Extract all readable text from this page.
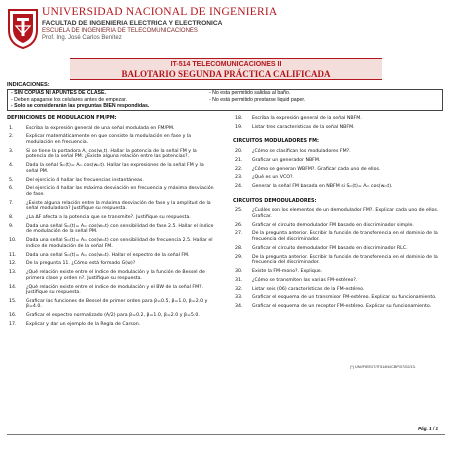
UNIVERSIDAD NACIONAL DE INGENIERIA
FACULTAD DE INGENIERIA ELECTRICA Y ELECTRONICA
ESCUELA DE INGENIERIA DE TELECOMUNICACIONES
Prof. Ing. José Carlos Benítez
IT-514 TELECOMUNICACIONES II
BALOTARIO SEGUNDA PRÁCTICA CALIFICADA
INDICACIONES:
- SIN COPIAS NI APUNTES DE CLASE.	- No esta permitido salidas al baño.
- Deben apagarse los celulares antes de empezar.	- No está permitido prestarse liquid paper.
- Solo se considerarán las preguntas BIEN respondidas.
DEFINICIONES DE MODULACION FM/PM:
1.	Escriba la expresión general de una señal modulada en FM/PM.
2.	Explicar matemáticamente en que consiste la modulación en fase y la modulación en frecuencia.
3.	Si se tiene la portadora A꜀ cos(w꜀t). Hallar la potencia de la señal FM y la potencia de la señal PM. ¿Existe alguna relación entre las potencias?.
4.	Dada la señal Sₘ(t)= Aₘ cos(wₘt). Hallar las expresiones de la señal FM y la señal PM.
5.	Del ejercicio 4 hallar las frecuencias instantáneas.
6.	Del ejercicio 4 hallar las máxima desviación en frecuencia y máxima desviación de fase.
7.	¿Existe alguna relación entre la máxima desviación de fase y la amplitud de la señal moduladora? Justifique su respuesta.
8.	¿La ΔF afecta a la potencia que se transmite?. Justifique su respuesta.
9.	Dada una señal Sₘ(t)= Aₘ cos(wₘt) con sensibilidad de fase 2.5. Hallar el índice de modulación de la señal PM.
10.	Dada una señal Sₘ(t)= Aₘ cos(wₘt) con sensibilidad de frecuencia 2.5. Hallar el índice de modulación de la señal FM.
11.	Dada una señal Sₘ(t)= Aₘ cos(wₘt). Hallar el espectro de la señal FM.
12.	De la pregunta 11. ¿Cómo está formado G(w)?
13.	¿Qué relación existe entre el índice de modulación y la función de Bessel de primera clase y orden n?. Justifique su respuesta.
14.	¿Qué relación existe entre el índice de modulación y el BW de la señal FM?. Justifique su respuesta.
15.	Graficar las funciones de Bessel de primer orden para β=0.5, β=1.0, β=2.0 y β=4.0.
16.	Graficar el espectro normalizado (A/2) para β=0.2, β=1.0, β=2.0 y β=5.0.
17.	Explicar y dar un ejemplo de la Regla de Carson.
18.	Escriba la expresión general de la señal NBFM.
19.	Listar tres características de la señal NBFM.
CIRCUITOS MODULADORES FM:
20.	¿Cómo se clasifican los moduladores FM?.
21.	Graficar un generador NBFM.
22.	¿Cómo se generan WBFM?. Graficar cada uno de ellos.
23.	¿Qué es un VCO?.
24.	Generar la señal FM basada en NBFM si Sₘ(t)= Aₘ cos(wₘt).
CIRCUITOS DEMODULADORES:
25.	¿Cuáles son los elementos de un demodulador FM?. Explicar cada uno de ellos. Graficar.
26.	Graficar el circuito demodulador FM basado en discriminador simple.
27.	De la pregunta anterior. Escribir la función de transferencia en el dominio de la frecuencia del discriminador.
28.	Graficar el circuito demodulador FM basado en discriminador RLC.
29.	De la pregunta anterior. Escribir la función de transferencia en el dominio de la frecuencia del discriminador.
30.	Existe la FM-mono?. Explique.
31.	¿Cómo se transmiten las varias FM-estéreo?.
32.	Listar seis (06) características de la FM-estéreo.
33.	Graficar el esquema de un transmisor FM-estéreo. Explicar su funcionamiento.
34.	Graficar el esquema de un receptor FM-estéreo. Explicar su funcionamiento.
(*) UNI/FIEE/IT/IT514N/ICBP/07/02/13.
Pág. 1 / 1
